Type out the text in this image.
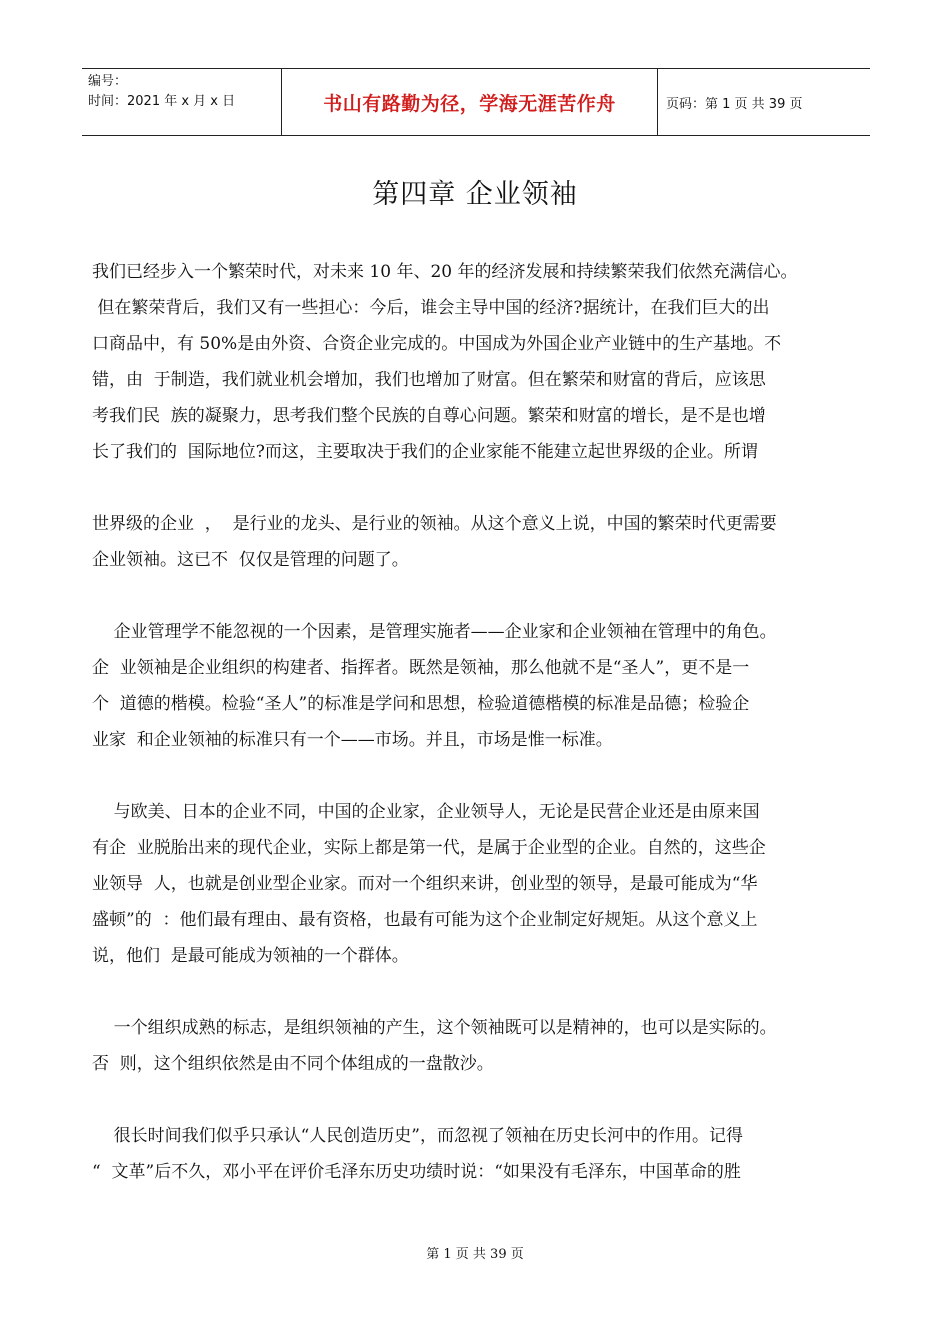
编号：
时间：2021 年 x 月 x 日	书山有路勤为径，学海无涯苦作舟	页码：第 1 页 共 39 页
第四章 企业领袖
我们已经步入一个繁荣时代，对未来 10 年、20 年的经济发展和持续繁荣我们依然充满信心。
但在繁荣背后，我们又有一些担心：今后，谁会主导中国的经济?据统计，在我们巨大的出
口商品中，有 50%是由外资、合资企业完成的。中国成为外国企业产业链中的生产基地。不
错，由  于制造，我们就业机会增加，我们也增加了财富。但在繁荣和财富的背后，应该思
考我们民  族的凝聚力，思考我们整个民族的自尊心问题。繁荣和财富的增长，是不是也增
长了我们的  国际地位?而这，主要取决于我们的企业家能不能建立起世界级的企业。所谓
世界级的企业  ，  是行业的龙头、是行业的领袖。从这个意义上说，中国的繁荣时代更需要
企业领袖。这已不  仅仅是管理的问题了。
企业管理学不能忽视的一个因素，是管理实施者——企业家和企业领袖在管理中的角色。
企  业领袖是企业组织的构建者、指挥者。既然是领袖，那么他就不是“圣人”，更不是一
个  道德的楷模。检验“圣人”的标准是学问和思想，检验道德楷模的标准是品德；检验企
业家  和企业领袖的标准只有一个——市场。并且，市场是惟一标准。
与欧美、日本的企业不同，中国的企业家，企业领导人，无论是民营企业还是由原来国
有企  业脱胎出来的现代企业，实际上都是第一代，是属于企业型的企业。自然的，这些企
业领导  人，也就是创业型企业家。而对一个组织来讲，创业型的领导，是最可能成为“华
盛顿”的  ：他们最有理由、最有资格，也最有可能为这个企业制定好规矩。从这个意义上
说，他们  是最可能成为领袖的一个群体。
一个组织成熟的标志，是组织领袖的产生，这个领袖既可以是精神的，也可以是实际的。
否  则，这个组织依然是由不同个体组成的一盘散沙。
很长时间我们似乎只承认“人民创造历史”，而忽视了领袖在历史长河中的作用。记得
“  文革”后不久，邓小平在评价毛泽东历史功绩时说：“如果没有毛泽东，中国革命的胜
第 1 页 共 39 页
